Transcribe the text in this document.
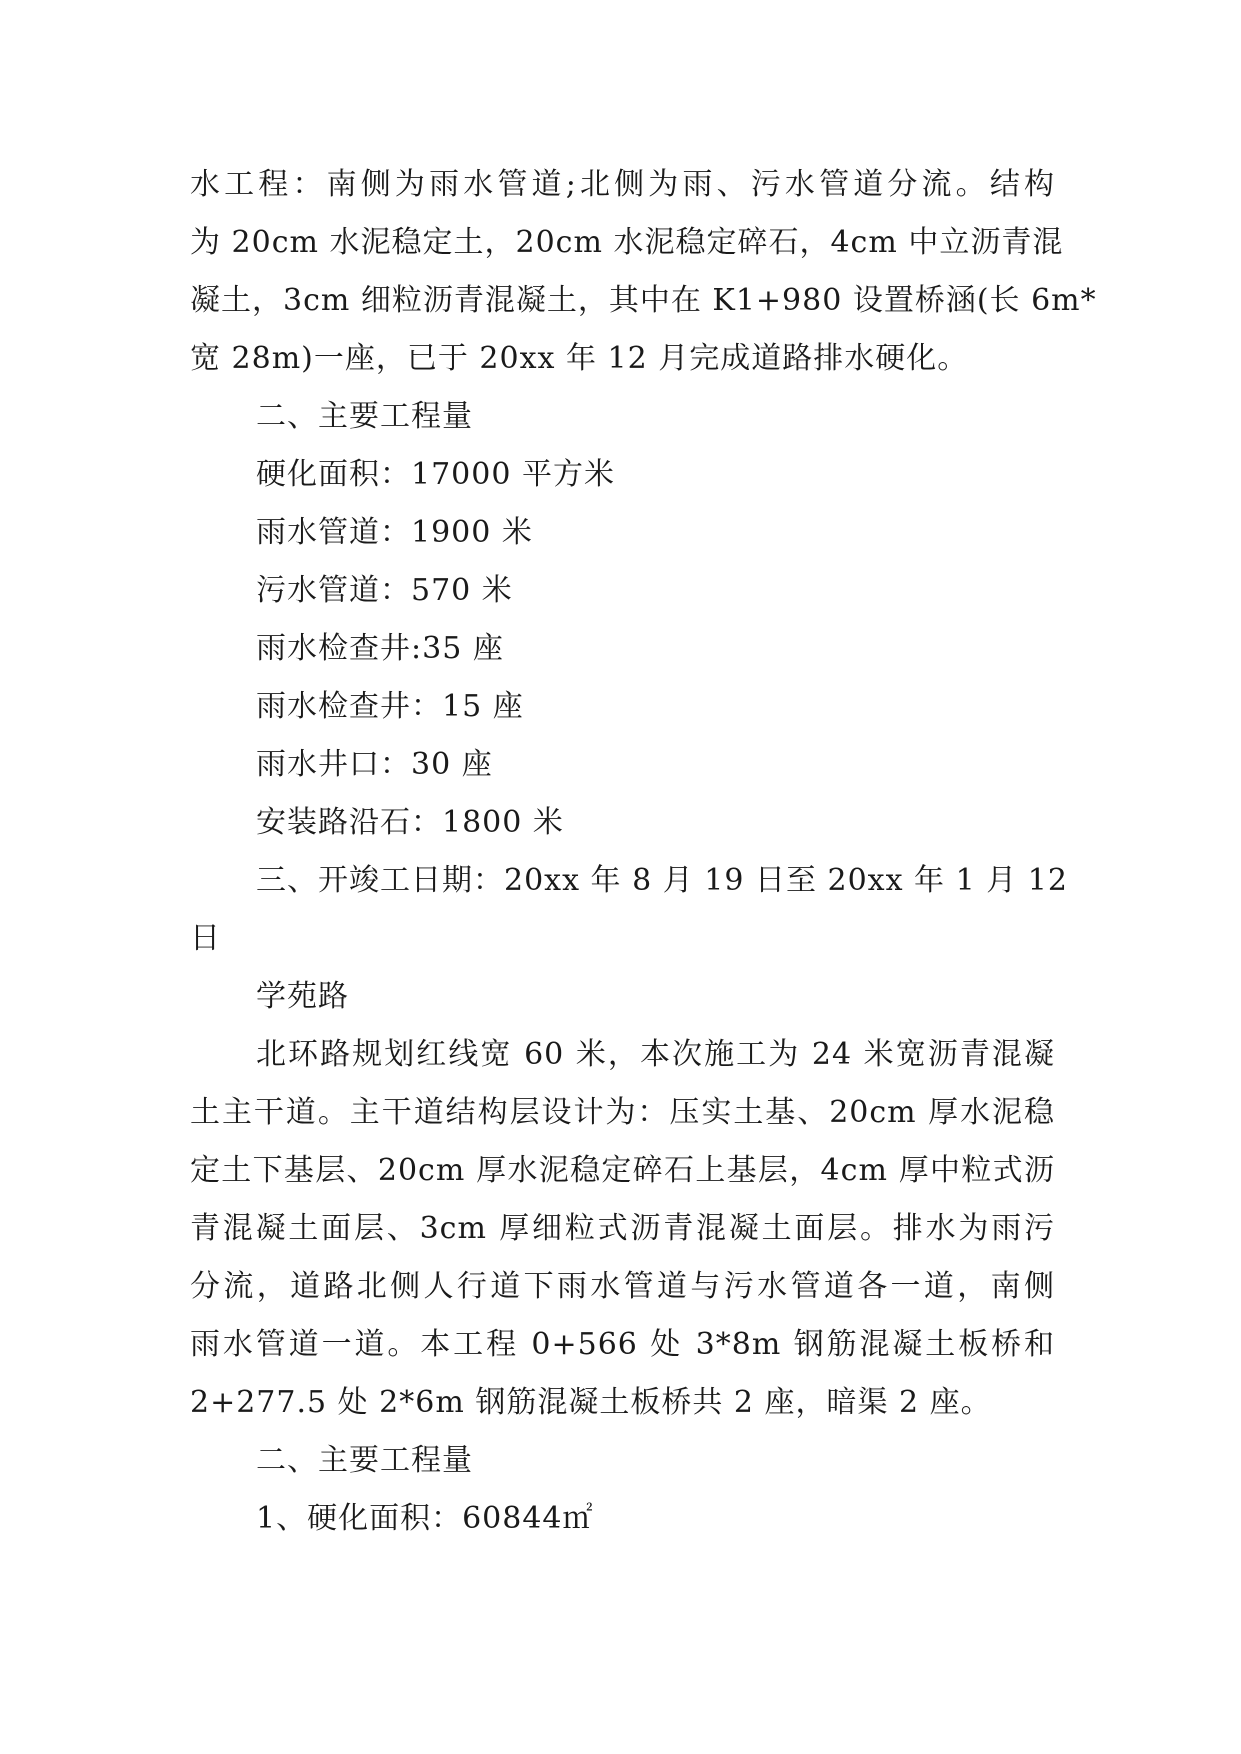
水工程：南侧为雨水管道;北侧为雨、污水管道分流。结构
为 20cm 水泥稳定土，20cm 水泥稳定碎石，4cm 中立沥青混
凝土，3cm 细粒沥青混凝土，其中在 K1+980 设置桥涵(长 6m*
宽 28m)一座，已于 20xx 年 12 月完成道路排水硬化。
二、主要工程量
硬化面积：17000 平方米
雨水管道：1900 米
污水管道：570 米
雨水检查井:35 座
雨水检查井：15 座
雨水井口：30 座
安装路沿石：1800 米
三、开竣工日期：20xx 年 8 月 19 日至 20xx 年 1 月 12
日
学苑路
北环路规划红线宽 60 米，本次施工为 24 米宽沥青混凝
土主干道。主干道结构层设计为：压实土基、20cm 厚水泥稳
定土下基层、20cm 厚水泥稳定碎石上基层，4cm 厚中粒式沥
青混凝土面层、3cm 厚细粒式沥青混凝土面层。排水为雨污
分流，道路北侧人行道下雨水管道与污水管道各一道，南侧
雨水管道一道。本工程 0+566 处 3*8m 钢筋混凝土板桥和
2+277.5 处 2*6m 钢筋混凝土板桥共 2 座，暗渠 2 座。
二、主要工程量
1、硬化面积：60844㎡
